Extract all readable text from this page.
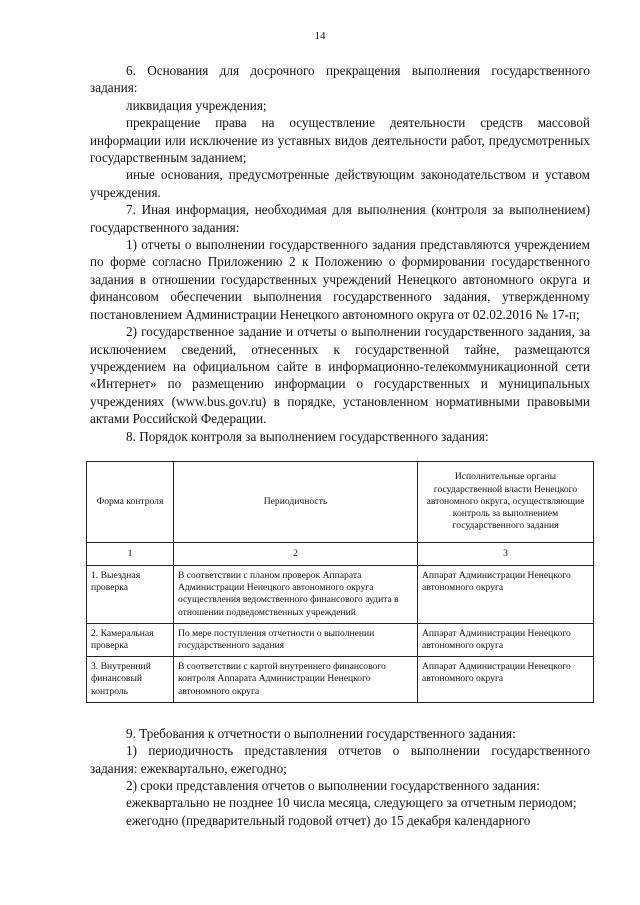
14

6. Основания для досрочного прекращения выполнения государственного задания:

ликвидация учреждения;

прекращение права на осуществление деятельности средств массовой информации или исключение из уставных видов деятельности работ, предусмотренных государственным заданием;

иные основания, предусмотренные действующим законодательством и уставом учреждения.

7. Иная информация, необходимая для выполнения (контроля за выполнением) государственного задания:

1) отчеты о выполнении государственного задания представляются учреждением по форме согласно Приложению 2 к Положению о формировании государственного задания в отношении государственных учреждений Ненецкого автономного округа и финансовом обеспечении выполнения государственного задания, утвержденному постановлением Администрации Ненецкого автономного округа от 02.02.2016 № 17-п;

2) государственное задание и отчеты о выполнении государственного задания, за исключением сведений, отнесенных к государственной тайне, размещаются учреждением на официальном сайте в информационно-телекоммуникационной сети «Интернет» по размещению информации о государственных и муниципальных учреждениях (www.bus.gov.ru) в порядке, установленном нормативными правовыми актами Российской Федерации.

8. Порядок контроля за выполнением государственного задания:

Форма контроля	Периодичность	Исполнительные органы государственной власти Ненецкого автономного округа, осуществляющие контроль за выполнением государственного задания
1	2	3
1. Выездная проверка	В соответствии с планом проверок Аппарата Администрации Ненецкого автономного округа осуществления ведомственного финансового аудита в отношении подведомственных учреждений	Аппарат Администрации Ненецкого автономного округа
2. Камеральная проверка	По мере поступления отчетности о выполнении государственного задания	Аппарат Администрации Ненецкого автономного округа
3. Внутренний финансовый контроль	В соответствии с картой внутреннего финансового контроля Аппарата Администрации Ненецкого автономного округа	Аппарат Администрации Ненецкого автономного округа

9. Требования к отчетности о выполнении государственного задания:

1) периодичность представления отчетов о выполнении государственного задания: ежеквартально, ежегодно;

2) сроки представления отчетов о выполнении государственного задания:

ежеквартально не позднее 10 числа месяца, следующего за отчетным периодом;

ежегодно (предварительный годовой отчет) до 15 декабря календарного
